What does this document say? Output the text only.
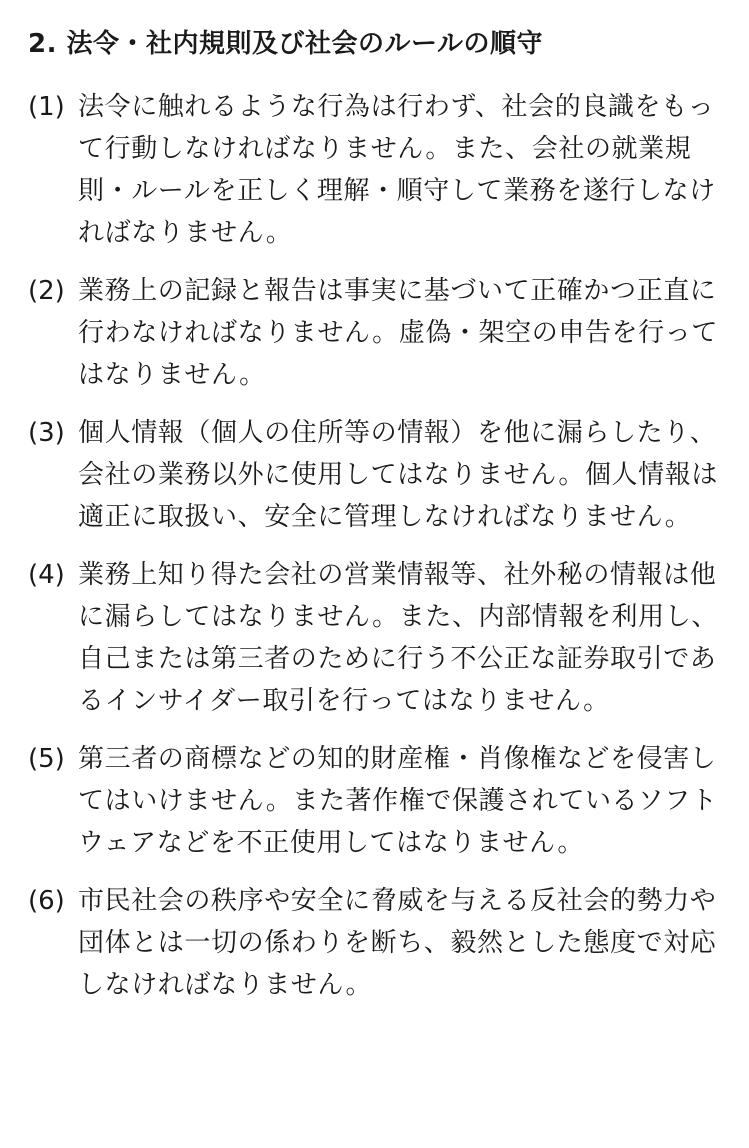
2. 法令・社内規則及び社会のルールの順守
(1) 法令に触れるような行為は行わず、社会的良識をもって行動しなければなりません。また、会社の就業規則・ルールを正しく理解・順守して業務を遂行しなければなりません。
(2) 業務上の記録と報告は事実に基づいて正確かつ正直に行わなければなりません。虚偽・架空の申告を行ってはなりません。
(3) 個人情報（個人の住所等の情報）を他に漏らしたり、会社の業務以外に使用してはなりません。個人情報は適正に取扱い、安全に管理しなければなりません。
(4) 業務上知り得た会社の営業情報等、社外秘の情報は他に漏らしてはなりません。また、内部情報を利用し、自己または第三者のために行う不公正な証券取引であるインサイダー取引を行ってはなりません。
(5) 第三者の商標などの知的財産権・肖像権などを侵害してはいけません。また著作権で保護されているソフトウェアなどを不正使用してはなりません。
(6) 市民社会の秩序や安全に脅威を与える反社会的勢力や団体とは一切の係わりを断ち、毅然とした態度で対応しなければなりません。
